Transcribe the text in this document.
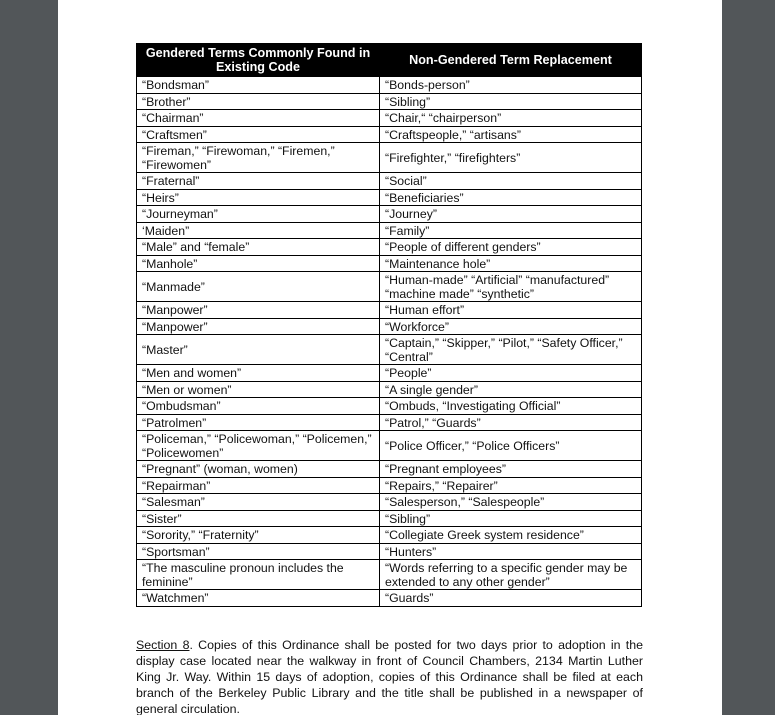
Gendered Terms Commonly Found in Existing Code	Non-Gendered Term Replacement
“Bondsman”	“Bonds-person”
“Brother”	“Sibling”
“Chairman”	“Chair,“ “chairperson”
“Craftsmen”	“Craftspeople,” “artisans”
“Fireman,” “Firewoman,” “Firemen,” “Firewomen”	“Firefighter,” “firefighters”
“Fraternal”	“Social”
“Heirs”	“Beneficiaries”
“Journeyman”	“Journey”
‘Maiden”	“Family”
“Male” and “female”	“People of different genders”
“Manhole”	“Maintenance hole”
“Manmade”	“Human-made” “Artificial” “manufactured” “machine made” “synthetic”
“Manpower”	“Human effort”
“Manpower”	“Workforce”
“Master”	“Captain,” “Skipper,” “Pilot,” “Safety Officer,” “Central”
“Men and women”	“People”
“Men or women”	“A single gender”
“Ombudsman”	“Ombuds, “Investigating Official”
“Patrolmen”	“Patrol,” “Guards”
“Policeman,” “Policewoman,” “Policemen,” “Policewomen”	“Police Officer,” “Police Officers”
“Pregnant” (woman, women)	“Pregnant employees”
“Repairman”	“Repairs,” “Repairer”
“Salesman”	“Salesperson,” “Salespeople”
“Sister”	“Sibling”
“Sorority,” “Fraternity”	“Collegiate Greek system residence”
“Sportsman”	“Hunters”
“The masculine pronoun includes the feminine”	“Words referring to a specific gender may be extended to any other gender”
“Watchmen”	“Guards”

Section 8. Copies of this Ordinance shall be posted for two days prior to adoption in the display case located near the walkway in front of Council Chambers, 2134 Martin Luther King Jr. Way. Within 15 days of adoption, copies of this Ordinance shall be filed at each branch of the Berkeley Public Library and the title shall be published in a newspaper of general circulation.
